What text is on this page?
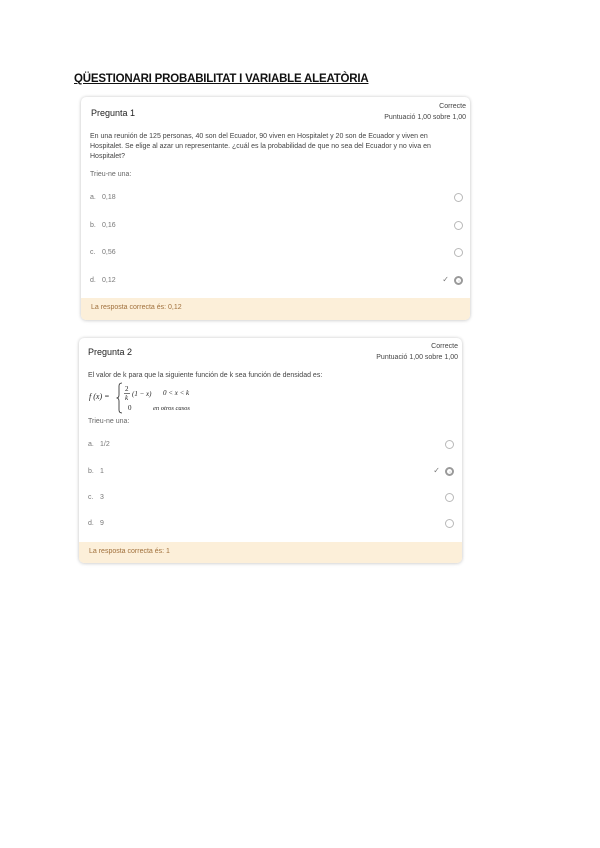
QÜESTIONARI PROBABILITAT I VARIABLE ALEATÒRIA
Pregunta 1
Correcte
Puntuació 1,00 sobre 1,00
En una reunión de 125 personas, 40 son del Ecuador, 90 viven en Hospitalet y 20 son de Ecuador y viven en Hospitalet. Se elige al azar un representante. ¿cuál es la probabilidad de que no sea del Ecuador y no viva en Hospitalet?
Trieu-ne una:
a. 0,18
b. 0,16
c. 0,56
d. 0,12	✓
La resposta correcta és: 0,12
Pregunta 2
Correcte
Puntuació 1,00 sobre 1,00
El valor de k para que la siguiente función de k sea función de densidad es:
Trieu-ne una:
a. 1/2
b. 1	✓
c. 3
d. 9
La resposta correcta és: 1
f (x) =
2
k (1 − x) 0 < x < k
0	en otros casos
